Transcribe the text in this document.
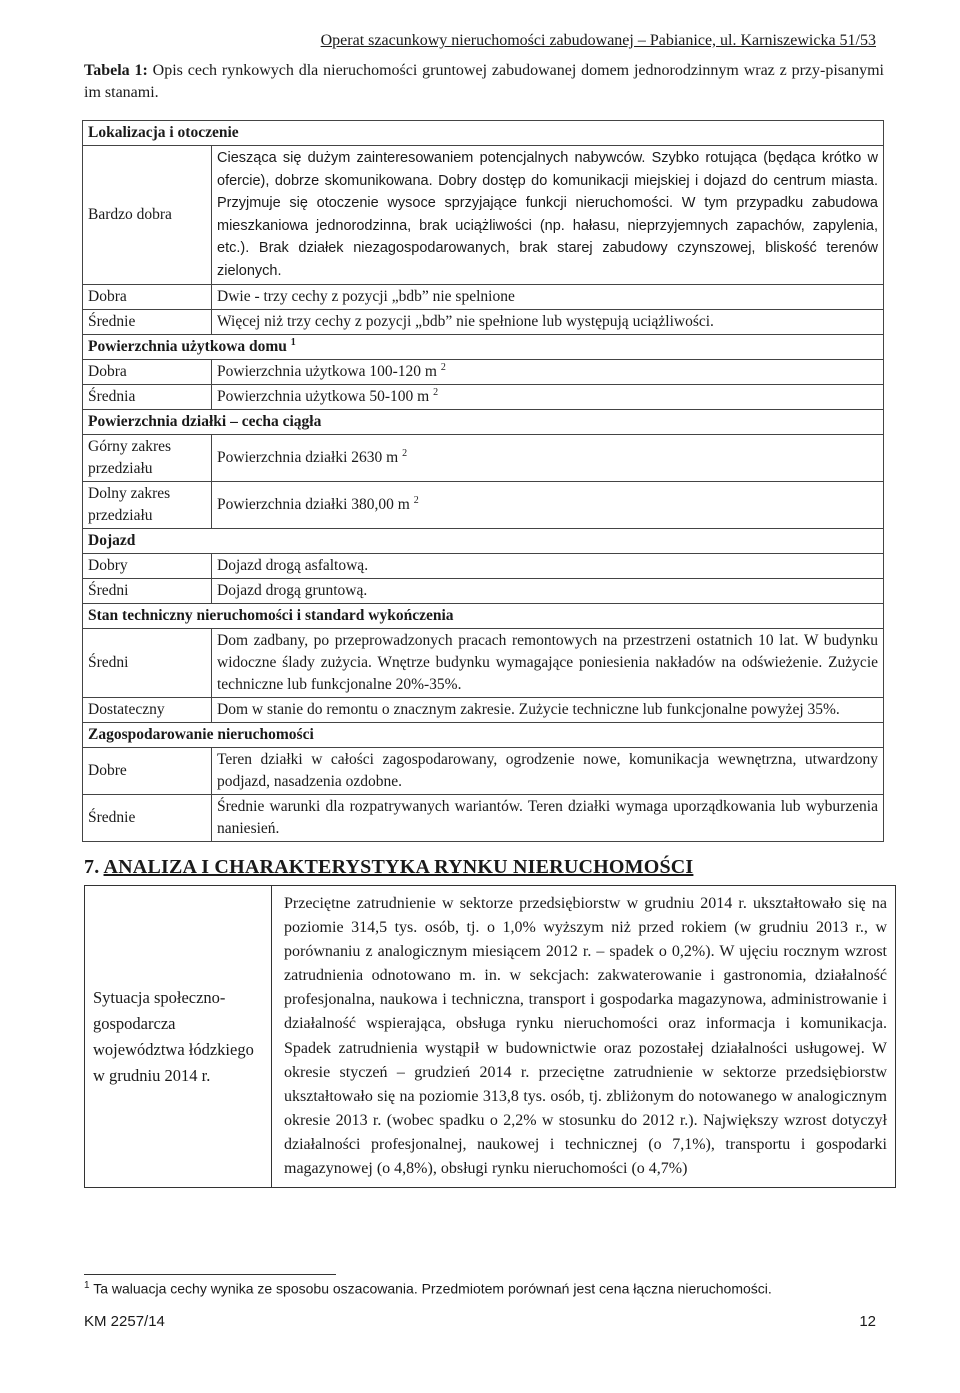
Operat szacunkowy nieruchomości zabudowanej – Pabianice, ul. Karniszewicka 51/53
Tabela 1: Opis cech rynkowych dla nieruchomości gruntowej zabudowanej domem jednorodzinnym wraz z przy-pisanymi im stanami.
Lokalizacja i otoczenie	
Bardzo dobra	Ciesząca się dużym zainteresowaniem potencjalnych nabywców. Szybko rotująca (będąca krótko w ofercie), dobrze skomunikowana. Dobry dostęp do komunikacji miejskiej i dojazd do centrum miasta. Przyjmuje się otoczenie wysoce sprzyjające funkcji nieruchomości. W tym przypadku zabudowa mieszkaniowa jednorodzinna, brak uciążliwości (np. hałasu, nieprzyjemnych zapachów, zapylenia, etc.). Brak działek niezagospodarowanych, brak starej zabudowy czynszowej, bliskość terenów zielonych.
Dobra	Dwie - trzy cechy z pozycji „bdb” nie spelnione
Średnie	Więcej niż trzy cechy z pozycji „bdb” nie spełnione lub występują uciążliwości.
Powierzchnia użytkowa domu $^1$
Dobra	Powierzchnia użytkowa 100-120 m $^2$
Średnia	Powierzchnia użytkowa 50-100 m $^2$
Powierzchnia działki – cecha ciągła	
Górny zakres przedziału	Powierzchnia działki 2630 m $^2$
Dolny zakres przedziału	Powierzchnia działki 380,00 m $^2$
Dojazd	
Dobry	Dojazd drogą asfaltową.
Średni	Dojazd drogą gruntową.
Stan techniczny nieruchomości i standard wykończenia	
Średni	Dom zadbany, po przeprowadzonych pracach remontowych na przestrzeni ostatnich 10 lat. W budynku widoczne ślady zużycia. Wnętrze budynku wymagające poniesienia nakładów na odświeżenie. Zużycie techniczne lub funkcjonalne 20%-35%.
Dostateczny	Dom w stanie do remontu o znacznym zakresie. Zużycie techniczne lub funkcjonalne powyżej 35%.
Zagospodarowanie nieruchomości	
Dobre	Teren działki w całości zagospodarowany, ogrodzenie nowe, komunikacja wewnętrzna, utwardzony podjazd, nasadzenia ozdobne.
Średnie	Średnie warunki dla rozpatrywanych wariantów. Teren działki wymaga uporządkowania lub wyburzenia naniesień.
7. ANALIZA I CHARAKTERYSTYKA RYNKU NIERUCHOMOŚCI
Sytuacja społeczno-gospodarcza województwa łódzkiego w grudniu 2014 r.	Przeciętne zatrudnienie w sektorze przedsiębiorstw w grudniu 2014 r. ukształtowało się na poziomie 314,5 tys. osób, tj. o 1,0% wyższym niż przed rokiem (w grudniu 2013 r., w porównaniu z analogicznym miesiącem 2012 r. – spadek o 0,2%). W ujęciu rocznym wzrost zatrudnienia odnotowano m. in. w sekcjach: zakwaterowanie i gastronomia, działalność profesjonalna, naukowa i techniczna, transport i gospodarka magazynowa, administrowanie i działalność wspierająca, obsługa rynku nieruchomości oraz informacja i komunikacja. Spadek zatrudnienia wystąpił w budownictwie oraz pozostałej działalności usługowej. W okresie styczeń – grudzień 2014 r. przeciętne zatrudnienie w sektorze przedsiębiorstw ukształtowało się na poziomie 313,8 tys. osób, tj. zbliżonym do notowanego w analogicznym okresie 2013 r. (wobec spadku o 2,2% w stosunku do 2012 r.). Największy wzrost dotyczył działalności profesjonalnej, naukowej i technicznej (o 7,1%), transportu i gospodarki magazynowej (o 4,8%), obsługi rynku nieruchomości (o 4,7%)
$^1$ Ta waluacja cechy wynika ze sposobu oszacowania. Przedmiotem porównań jest cena łączna nieruchomości.
KM 2257/14	12
